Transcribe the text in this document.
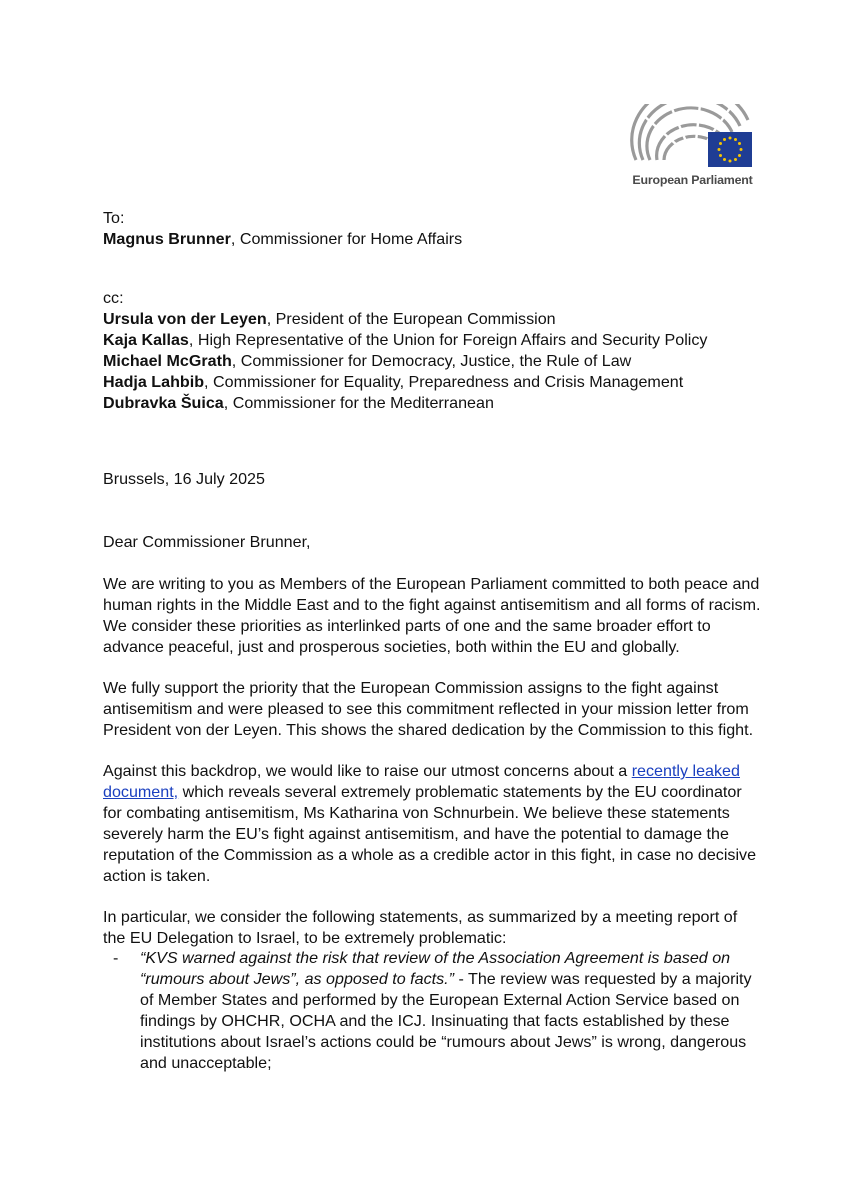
European Parliament

To:

Magnus Brunner, Commissioner for Home Affairs

cc:

Ursula von der Leyen, President of the European Commission

Kaja Kallas, High Representative of the Union for Foreign Affairs and Security Policy

Michael McGrath, Commissioner for Democracy, Justice, the Rule of Law

Hadja Lahbib, Commissioner for Equality, Preparedness and Crisis Management

Dubravka Šuica, Commissioner for the Mediterranean

Brussels, 16 July 2025
Dear Commissioner Brunner,
We are writing to you as Members of the European Parliament committed to both peace and human rights in the Middle East and to the fight against antisemitism and all forms of racism. We consider these priorities as interlinked parts of one and the same broader effort to advance peaceful, just and prosperous societies, both within the EU and globally.
We fully support the priority that the European Commission assigns to the fight against antisemitism and were pleased to see this commitment reflected in your mission letter from President von der Leyen. This shows the shared dedication by the Commission to this fight.
Against this backdrop, we would like to raise our utmost concerns about a recently leaked document, which reveals several extremely problematic statements by the EU coordinator for combating antisemitism, Ms Katharina von Schnurbein. We believe these statements severely harm the EU’s fight against antisemitism, and have the potential to damage the reputation of the Commission as a whole as a credible actor in this fight, in case no decisive action is taken.
In particular, we consider the following statements, as summarized by a meeting report of the EU Delegation to Israel, to be extremely problematic:
- “KVS warned against the risk that review of the Association Agreement is based on “rumours about Jews”, as opposed to facts.” - The review was requested by a majority of Member States and performed by the European External Action Service based on findings by OHCHR, OCHA and the ICJ. Insinuating that facts established by these institutions about Israel’s actions could be “rumours about Jews” is wrong, dangerous and unacceptable;
